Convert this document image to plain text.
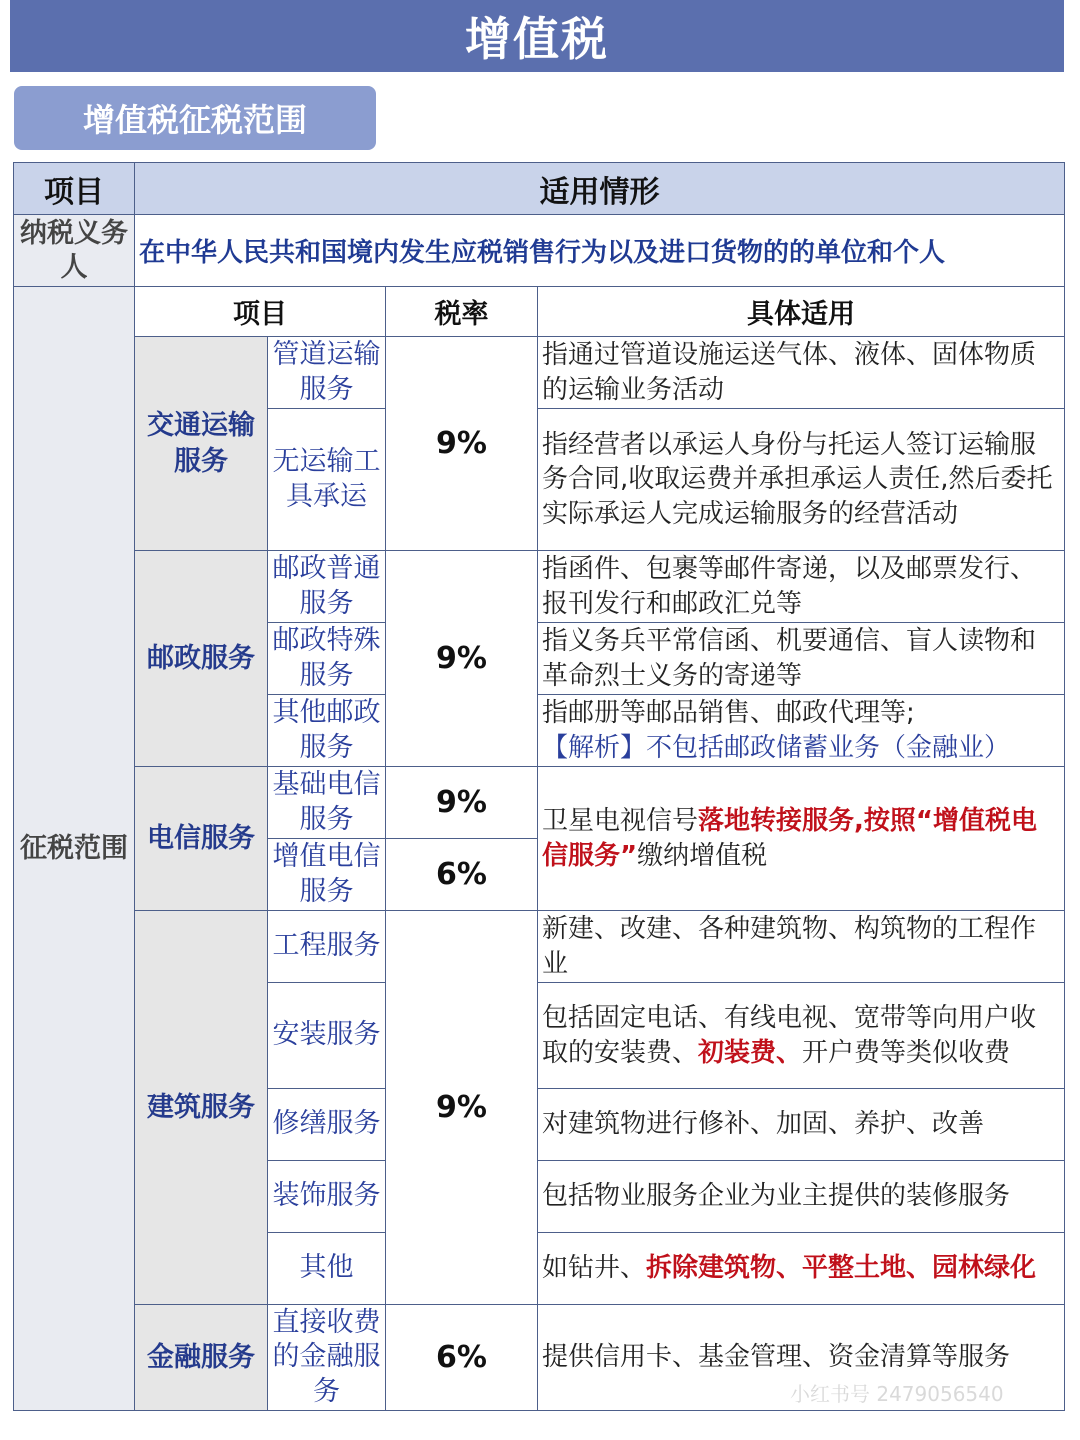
增值税
增值税征税范围
项目	适用情形			
纳税义务人	在中华人民共和国境内发生应税销售行为以及进口货物的的单位和个人			
征税范围	项目		税率	具体适用
	交通运输服务	管道运输服务	9%	指通过管道设施运送气体、液体、固体物质的运输业务活动
		无运输工具承运		指经营者以承运人身份与托运人签订运输服务合同,收取运费并承担承运人责任,然后委托实际承运人完成运输服务的经营活动
	邮政服务	邮政普通服务	9%	指函件、包裹等邮件寄递，以及邮票发行、报刊发行和邮政汇兑等
		邮政特殊服务		指义务兵平常信函、机要通信、盲人读物和革命烈士义务的寄递等
		其他邮政服务		指邮册等邮品销售、邮政代理等;
【解析】不包括邮政储蓄业务（金融业）
	电信服务	基础电信服务	9%	卫星电视信号落地转接服务,按照“增值税电信服务”缴纳增值税
		增值电信服务	6%	
	建筑服务	工程服务	9%	新建、改建、各种建筑物、构筑物的工程作业
		安装服务		包括固定电话、有线电视、宽带等向用户收取的安装费、初装费、开户费等类似收费
		修缮服务		对建筑物进行修补、加固、养护、改善
		装饰服务		包括物业服务企业为业主提供的装修服务
		其他		如钻井、拆除建筑物、平整土地、园林绿化
	金融服务	直接收费的金融服务	6%	提供信用卡、基金管理、资金清算等服务
小红书号 2479056540
